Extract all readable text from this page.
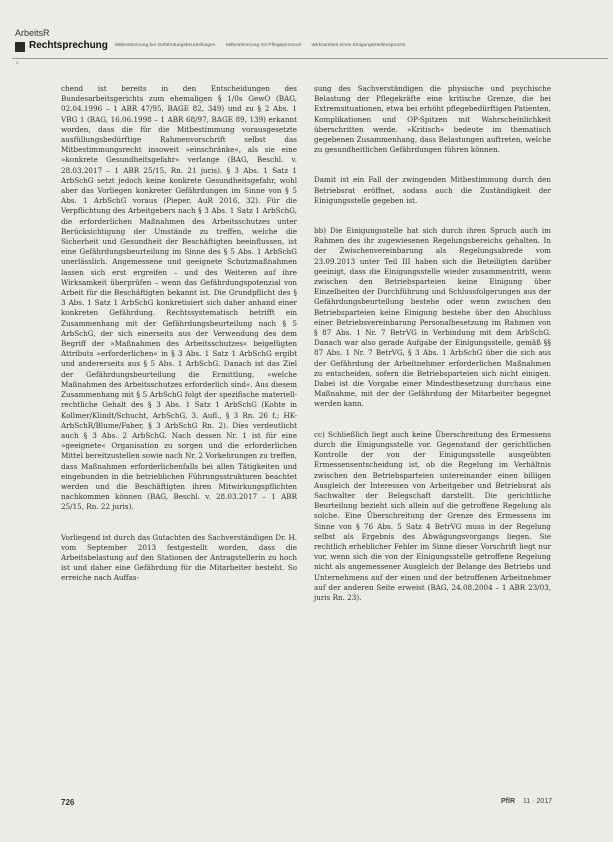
ArbeitsR
Rechtsprechung Mitbestimmung bei Gefährdungsbeurteilungen Mitbestimmung mit Pflegepersonal Wirksamkeit eines Einigungsstellenspruchs
*

chend ist bereits in den Entscheidungen des Bundesarbeitsgerichts zum ehemaligen § 1/0s GewO (BAG, 02.04.1996 – 1 ABR 47/95, BAGE 82, 349) und zu § 2 Abs. 1 VBG 1 (BAG, 16.06.1998 – 1 ABR 68/97, BAGE 89, 139) erkannt worden, dass die für die Mitbestimmung vorausgesetzte ausfüllungsbedürftige Rahmenvorschrift selbst das Mitbestimmungsrecht insoweit »einschränke«, als sie eine »konkrete Gesundheitsgefahr« verlange (BAG, Beschl. v. 28.03.2017 – 1 ABR 25/15, Rn. 21 juris). § 3 Abs. 1 Satz 1 ArbSchG setzt jedoch keine konkrete Gesundheitsgefahr, wohl aber das Vorliegen konkreter Gefährdungen im Sinne von § 5 Abs. 1 ArbSchG voraus (Pieper, AuR 2016, 32). Für die Verpflichtung des Arbeitgebers nach § 3 Abs. 1 Satz 1 ArbSchG, die erforderlichen Maßnahmen des Arbeitsschutzes unter Berücksichtigung der Umstände zu treffen, welche die Sicherheit und Gesundheit der Beschäftigten beeinflussen, ist eine Gefährdungsbeurteilung im Sinne des § 5 Abs. 1 ArbSchG unerlässlich. Angemessene und geeignete Schutzmaßnahmen lassen sich erst ergreifen – und des Weiteren auf ihre Wirksamkeit überprüfen – wenn das Gefährdungspotenzial von Arbeit für die Beschäftigten bekannt ist. Die Grundpflicht des § 3 Abs. 1 Satz 1 ArbSchG konkretisiert sich daher anhand einer konkreten Gefährdung. Rechtssystematisch betrifft ein Zusammenhang mit der Gefährdungsbeurteilung nach § 5 ArbSchG, der sich einerseits aus der Verwendung des dem Begriff der »Maßnahmen des Arbeitsschutzes« beigefügten Attributs »erforderlichen« in § 3 Abs. 1 Satz 1 ArbSchG ergibt und andererseits aus § 5 Abs. 1 ArbSchG. Danach ist das Ziel der Gefährdungsbeurteilung die Ermittlung, »welche Maßnahmen des Arbeitsschutzes erforderlich sind«. Aus diesem Zusammenhang mit § 5 ArbSchG folgt der spezifische materiell-rechtliche Gehalt des § 3 Abs. 1 Satz 1 ArbSchG (Kohte in Kollmer/Klindt/Schucht, ArbSchG, 3. Aufl., § 3 Rn. 26 f.; HK-ArbSchR/Blume/Faber, § 3 ArbSchG Rn. 2). Dies verdeutlicht auch § 3 Abs. 2 ArbSchG. Nach dessen Nr. 1 ist für eine »geeignete« Organisation zu sorgen und die erforderlichen Mittel bereitzustellen sowie nach Nr. 2 Vorkehrungen zu treffen, dass Maßnahmen erforderlichenfalls bei allen Tätigkeiten und eingebunden in die betrieblichen Führungsstrukturen beachtet werden und die Beschäftigten ihren Mitwirkungspflichten nachkommen können (BAG, Beschl. v. 28.03.2017 – 1 ABR 25/15, Rn. 22 juris).

Vorliegend ist durch das Gutachten des Sachverständigen Dr. H. vom September 2013 festgestellt worden, dass die Arbeitsbelastung auf den Stationen der Antragstellerin zu hoch ist und daher eine Gefährdung für die Mitarbeiter besteht. So erreiche nach Auffas-

sung des Sachverständigen die physische und psychische Belastung der Pflegekräfte eine kritische Grenze, die bei Extremsituationen, etwa bei erhöht pflegebedürftigen Patienten, Komplikationen und OP-Spitzen mit Wahrscheinlichkeit überschritten werde. »Kritisch« bedeute im thematisch gegebenen Zusammenhang, dass Belastungen auftreten, welche zu gesundheitlichen Gefährdungen führen können.

Damit ist ein Fall der zwingenden Mitbestimmung durch den Betriebsrat eröffnet, sodass auch die Zuständigkeit der Einigungsstelle gegeben ist.

bb) Die Einigungsstelle hat sich durch ihren Spruch auch im Rahmen des ihr zugewiesenen Regelungsbereichs gehalten. In der Zwischenvereinbarung als Regelungsabrede vom 23.09.2013 unter Teil III haben sich die Beteiligten darüber geeinigt, dass die Einigungsstelle wieder zusammentritt, wenn zwischen den Betriebsparteien keine Einigung über Einzelheiten der Durchführung und Schlussfolgerungen aus der Gefährdungsbeurteilung bestehe oder wenn zwischen den Betriebsparteien keine Einigung bestehe über den Abschluss einer Betriebsvereinbarung Personalbesetzung im Rahmen von § 87 Abs. 1 Nr. 7 BetrVG in Verbindung mit dem ArbSchG. Danach war also gerade Aufgabe der Einigungsstelle, gemäß §§ 87 Abs. 1 Nr. 7 BetrVG, § 3 Abs. 1 ArbSchG über die sich aus der Gefährdung der Arbeitnehmer erforderlichen Maßnahmen zu entscheiden, sofern die Betriebsparteien sich nicht einigen. Dabei ist die Vorgabe einer Mindestbesetzung durchaus eine Maßnahme, mit der der Gefährdung der Mitarbeiter begegnet werden kann.

cc) Schließlich liegt auch keine Überschreitung des Ermessens durch die Einigungsstelle vor. Gegenstand der gerichtlichen Kontrolle der von der Einigungsstelle ausgeübten Ermessensentscheidung ist, ob die Regelung im Verhältnis zwischen den Betriebsparteien untereinander einen billigen Ausgleich der Interessen von Arbeitgeber und Betriebsrat als Sachwalter der Belegschaft darstellt. Die gerichtliche Beurteilung bezieht sich allein auf die getroffene Regelung als solche. Eine Überschreitung der Grenze des Ermessens im Sinne von § 76 Abs. 5 Satz 4 BetrVG muss in der Regelung selbst als Ergebnis des Abwägungsvorgangs liegen. Sie rechtlich erheblicher Fehler im Sinne dieser Vorschrift liegt nur vor, wenn sich die von der Einigungsstelle getroffene Regelung nicht als angemessener Ausgleich der Belange des Betriebs und Unternehmens auf der einen und der betroffenen Arbeitnehmer auf der anderen Seite erweist (BAG, 24.08.2004 – 1 ABR 23/03, juris Rn. 23).

726	PflR 11 · 2017
